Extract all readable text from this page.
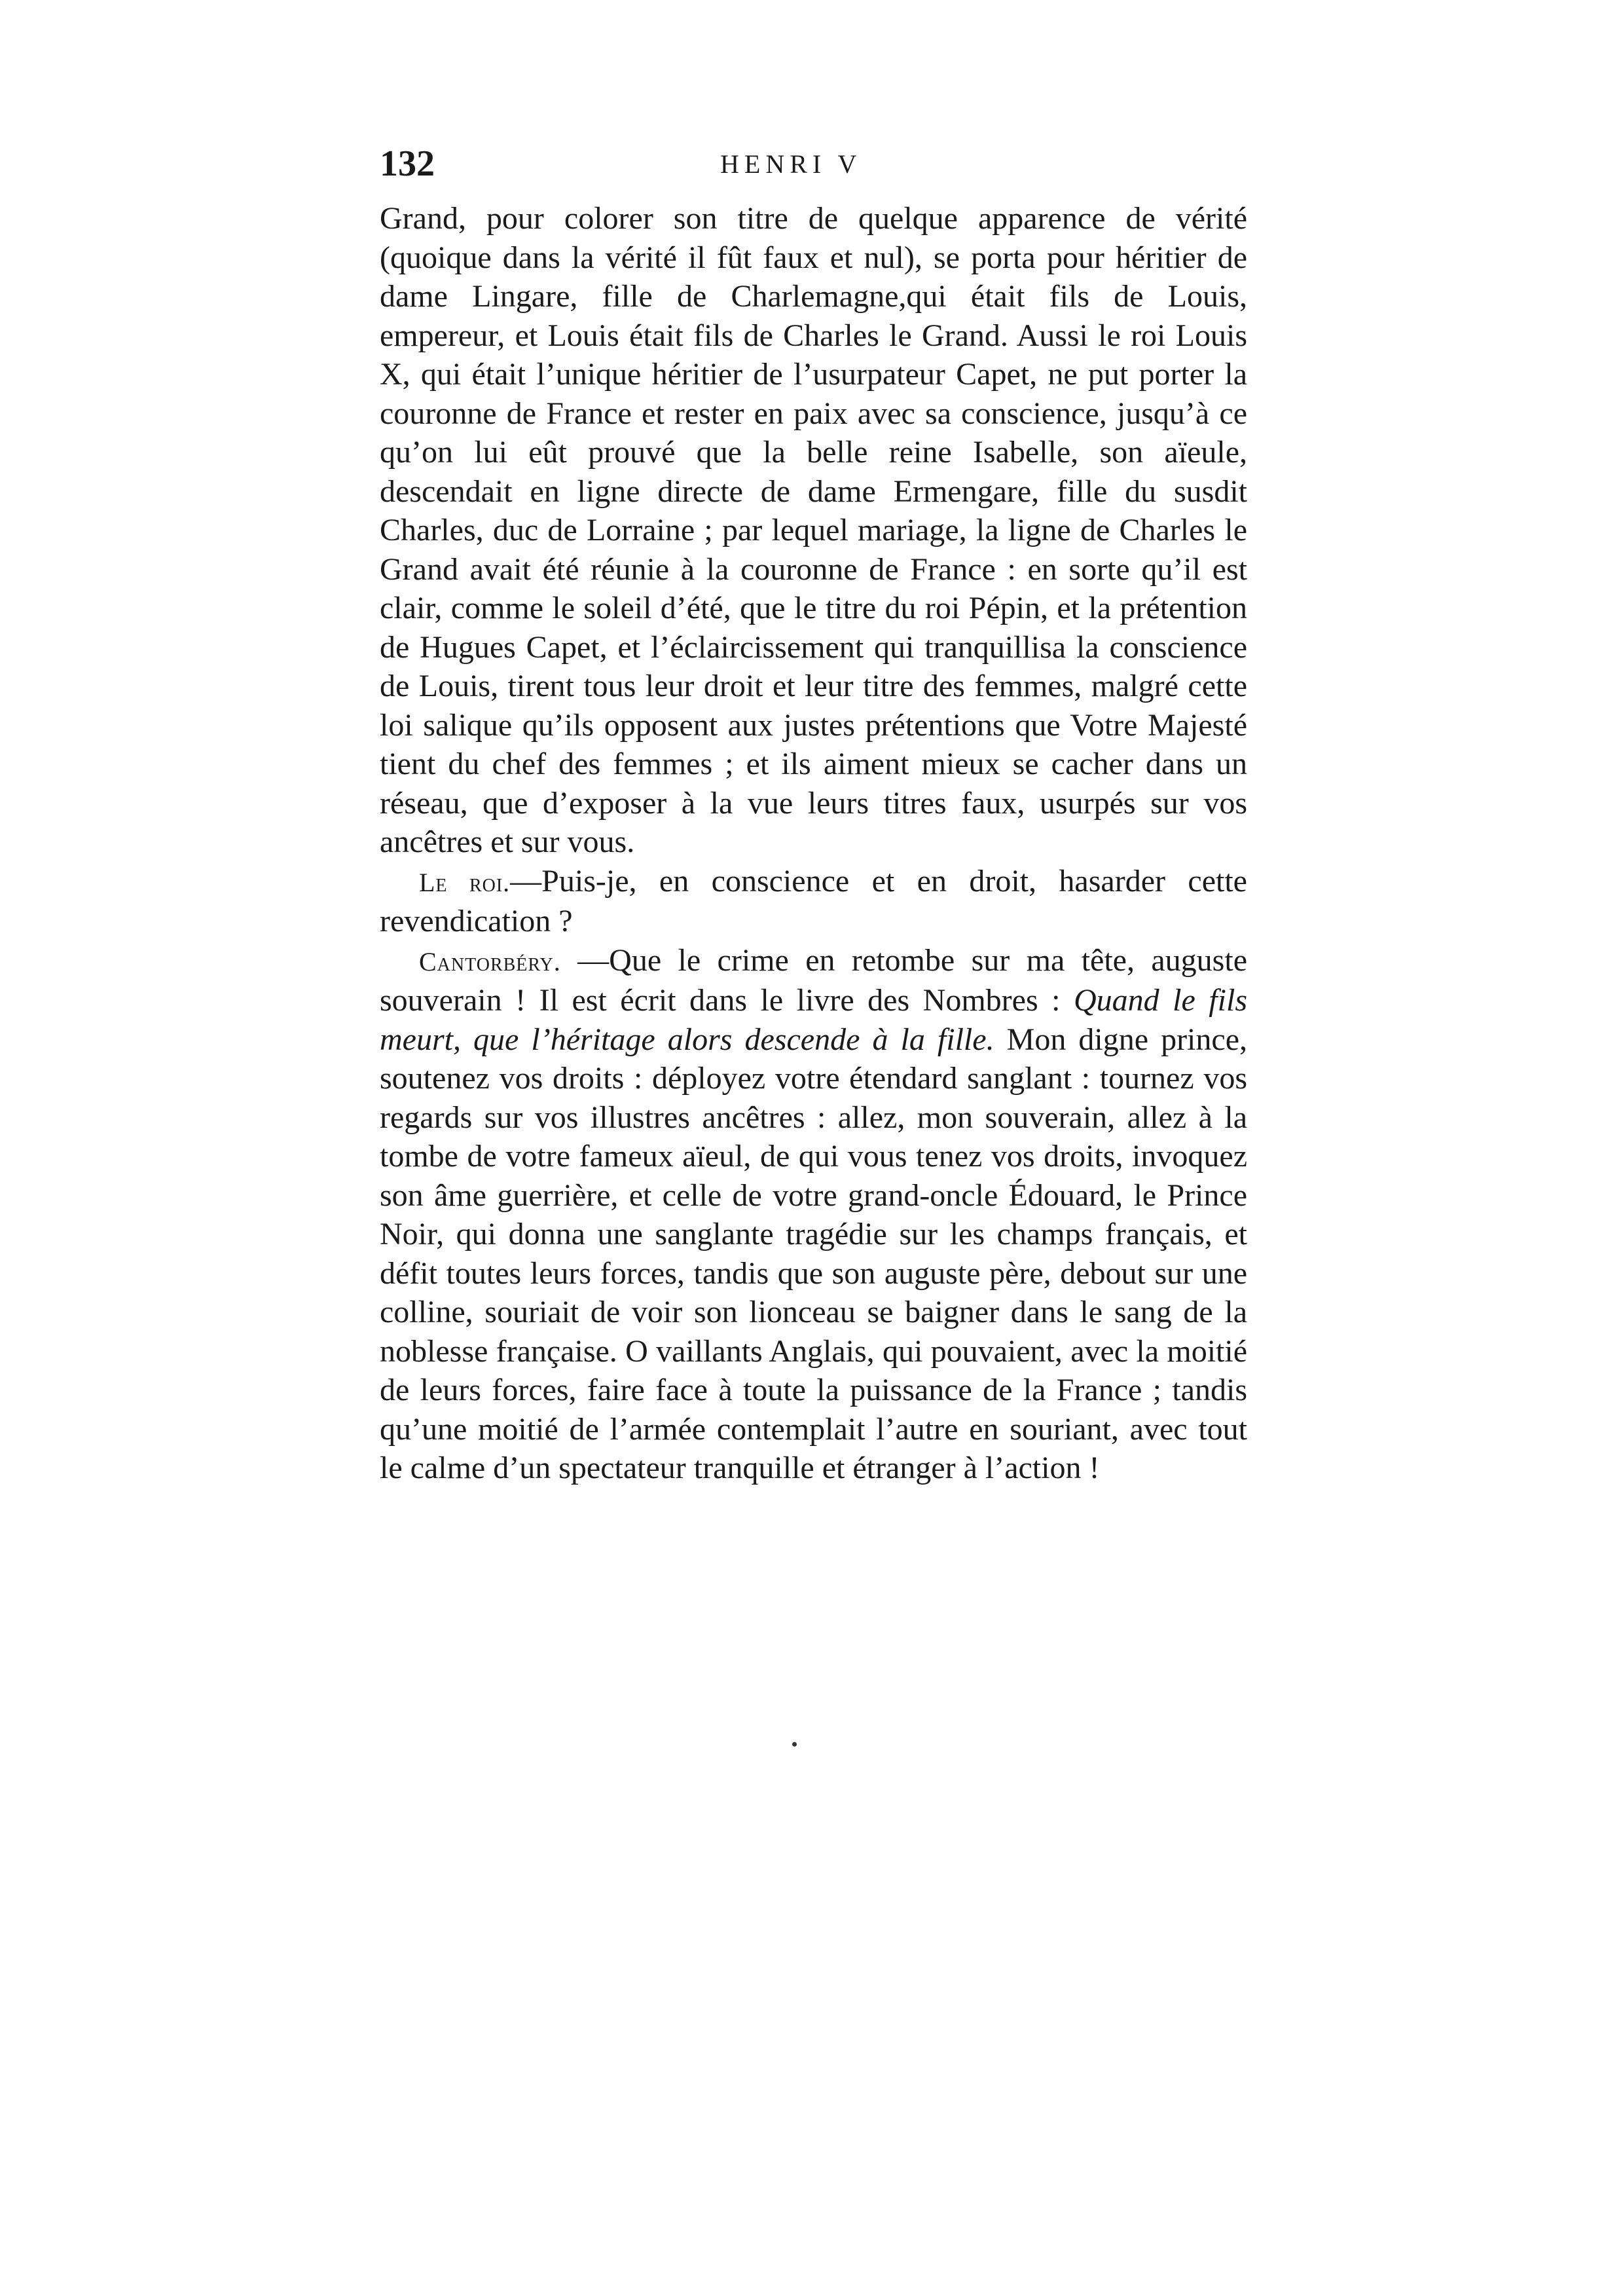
132	HENRI V

Grand, pour colorer son titre de quelque apparence de vérité (quoique dans la vérité il fût faux et nul), se porta pour héritier de dame Lingare, fille de Charlemagne,qui était fils de Louis, empereur, et Louis était fils de Charles le Grand. Aussi le roi Louis X, qui était l’unique héritier de l’usurpateur Capet, ne put porter la couronne de France et rester en paix avec sa conscience, jusqu’à ce qu’on lui eût prouvé que la belle reine Isabelle, son aïeule, descendait en ligne directe de dame Ermengare, fille du susdit Charles, duc de Lorraine ; par lequel mariage, la ligne de Charles le Grand avait été réunie à la couronne de France : en sorte qu’il est clair, comme le soleil d’été, que le titre du roi Pépin, et la prétention de Hugues Capet, et l’éclaircissement qui tranquillisa la conscience de Louis, tirent tous leur droit et leur titre des femmes, malgré cette loi salique qu’ils opposent aux justes prétentions que Votre Majesté tient du chef des femmes ; et ils aiment mieux se cacher dans un réseau, que d’exposer à la vue leurs titres faux, usurpés sur vos ancêtres et sur vous.

Le roi.—Puis-je, en conscience et en droit, hasarder cette revendication ?

Cantorbéry. —Que le crime en retombe sur ma tête, auguste souverain ! Il est écrit dans le livre des Nombres : Quand le fils meurt, que l’héritage alors descende à la fille. Mon digne prince, soutenez vos droits : déployez votre étendard sanglant : tournez vos regards sur vos illustres ancêtres : allez, mon souverain, allez à la tombe de votre fameux aïeul, de qui vous tenez vos droits, invoquez son âme guerrière, et celle de votre grand-oncle Édouard, le Prince Noir, qui donna une sanglante tragédie sur les champs français, et défit toutes leurs forces, tandis que son auguste père, debout sur une colline, souriait de voir son lionceau se baigner dans le sang de la noblesse française. O vaillants Anglais, qui pouvaient, avec la moitié de leurs forces, faire face à toute la puissance de la France ; tandis qu’une moitié de l’armée contemplait l’autre en souriant, avec tout le calme d’un spectateur tranquille et étranger à l’action !
